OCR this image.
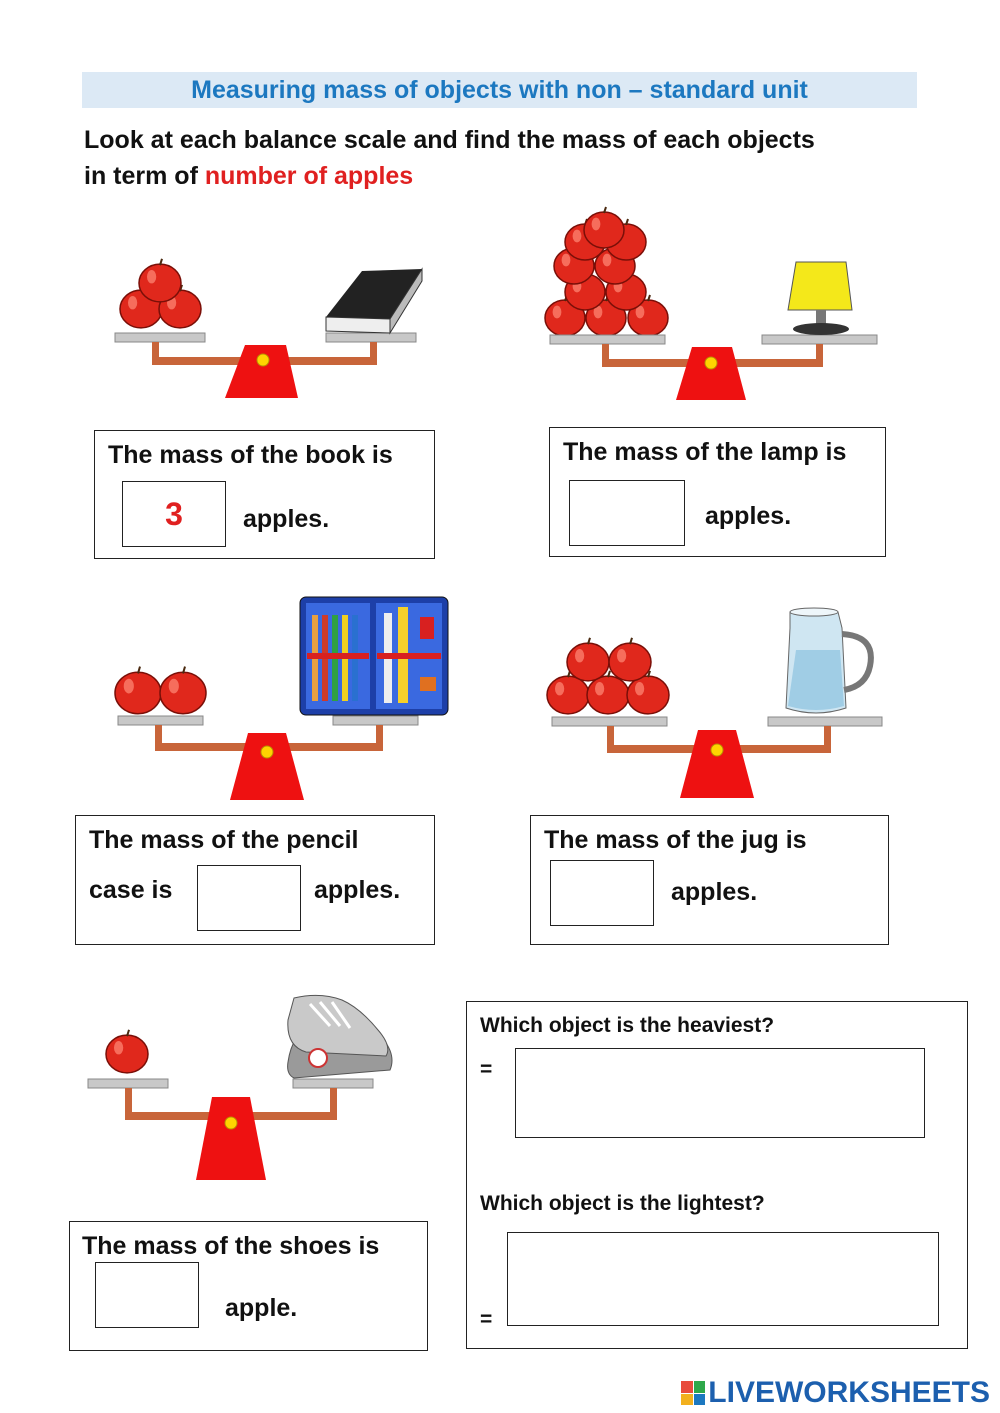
Measuring mass of objects with non – standard unit
Look at each balance scale and find the mass of each objects
in term of number of apples
The mass of the book is
3 apples.
The mass of the lamp is
apples.
The mass of the pencil
case is	apples.
The mass of the jug is
apples.
The mass of the shoes is
apple.
Which object is the heaviest?
=
Which object is the lightest?
=
LIVEWORKSHEETS
